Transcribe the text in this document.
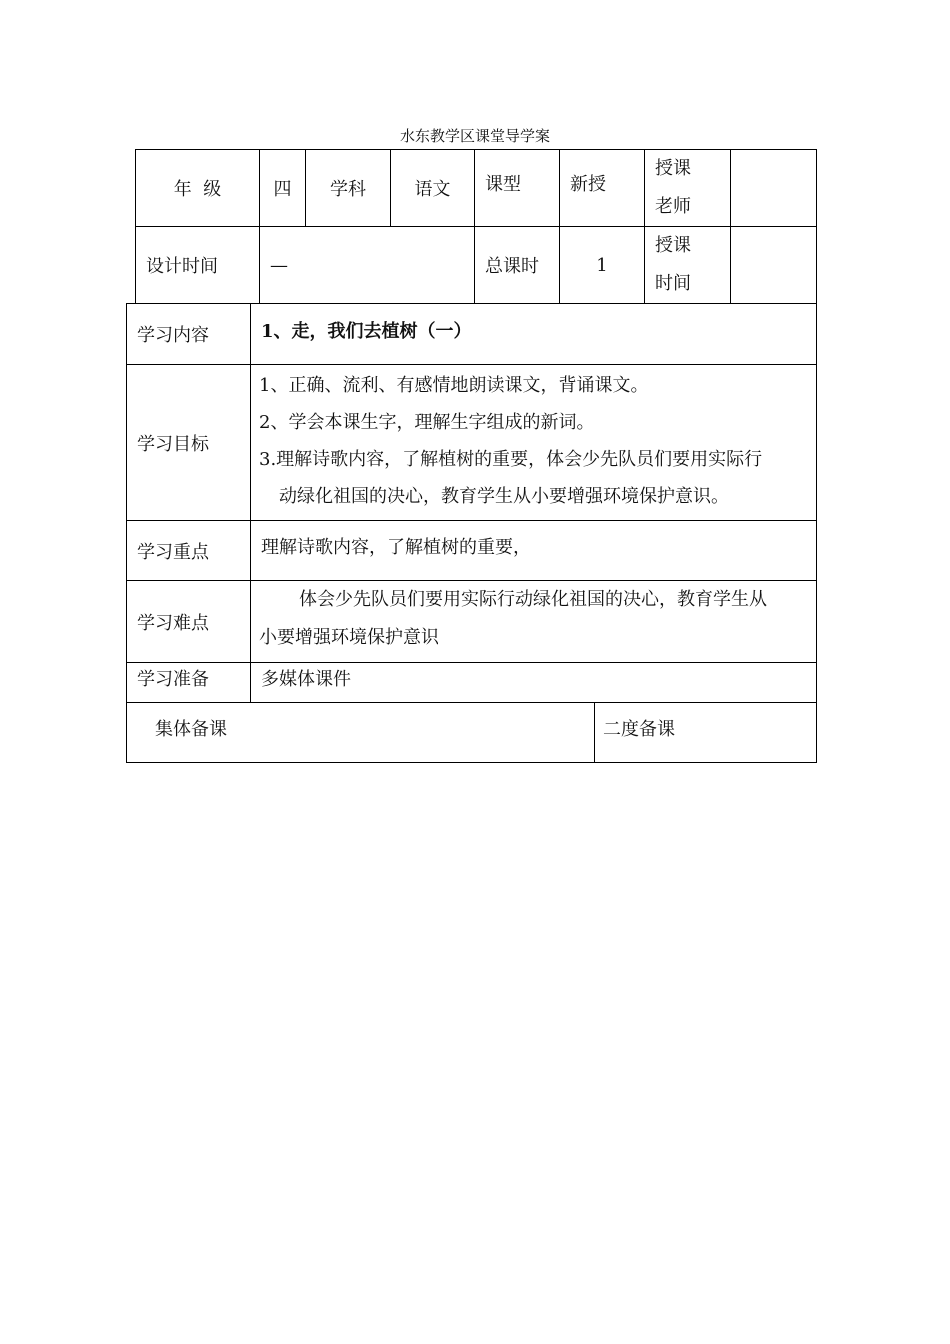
水东教学区课堂导学案
年  级	四	学科	语文	课型	新授	授课
老师	

设计时间	—			总课时	1	授课
时间	

学习内容	1、走，我们去植树（一）	
学习目标	1、正确、流利、有感情地朗读课文，背诵课文。

2、学会本课生字，理解生字组成的新词。

3.理解诗歌内容，了解植树的重要，体会少先队员们要用实际行

动绿化祖国的决心，教育学生从小要增强环境保护意识。	

学习重点	理解诗歌内容，了解植树的重要，	
学习难点	体会少先队员们要用实际行动绿化祖国的决心，教育学生从
小要增强环境保护意识	

学习准备	多媒体课件	
集体备课		二度备课
